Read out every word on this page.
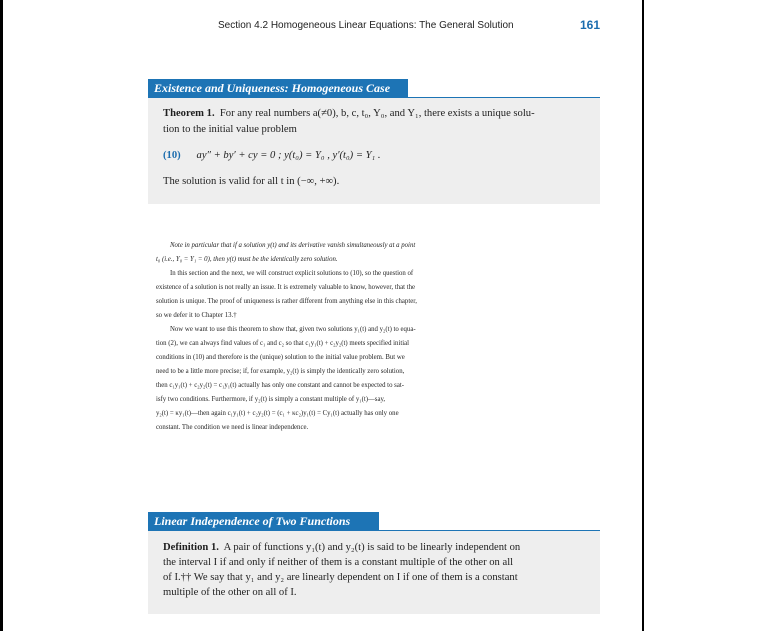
Section 4.2 Homogeneous Linear Equations: The General Solution	161
Existence and Uniqueness: Homogeneous Case
Theorem 1. For any real numbers a(≠0), b, c, t₀, Y₀, and Y₁, there exists a unique solu-
tion to the initial value problem
(10) ay″ + by′ + cy = 0 ; y(t₀) = Y₀ , y′(t₀) = Y₁ .
The solution is valid for all t in (−∞, +∞).
Note in particular that if a solution y(t) and its derivative vanish simultaneously at a point
t₀ (i.e., Y₀ = Y₁ = 0), then y(t) must be the identically zero solution.
In this section and the next, we will construct explicit solutions to (10), so the question of
existence of a solution is not really an issue. It is extremely valuable to know, however, that the
solution is unique. The proof of uniqueness is rather different from anything else in this chapter,
so we defer it to Chapter 13.†
Now we want to use this theorem to show that, given two solutions y₁(t) and y₂(t) to equa-
tion (2), we can always find values of c₁ and c₂ so that c₁y₁(t) + c₂y₂(t) meets specified initial
conditions in (10) and therefore is the (unique) solution to the initial value problem. But we
need to be a little more precise; if, for example, y₂(t) is simply the identically zero solution,
then c₁y₁(t) + c₂y₂(t) = c₁y₁(t) actually has only one constant and cannot be expected to sat-
isfy two conditions. Furthermore, if y₂(t) is simply a constant multiple of y₁(t)—say,
y₂(t) = κy₁(t)—then again c₁y₁(t) + c₂y₂(t) = (c₁ + κc₂)y₁(t) = Cy₁(t) actually has only one
constant. The condition we need is linear independence.
Linear Independence of Two Functions
Definition 1. A pair of functions y₁(t) and y₂(t) is said to be linearly independent on
the interval I if and only if neither of them is a constant multiple of the other on all
of I.†† We say that y₁ and y₂ are linearly dependent on I if one of them is a constant
multiple of the other on all of I.
